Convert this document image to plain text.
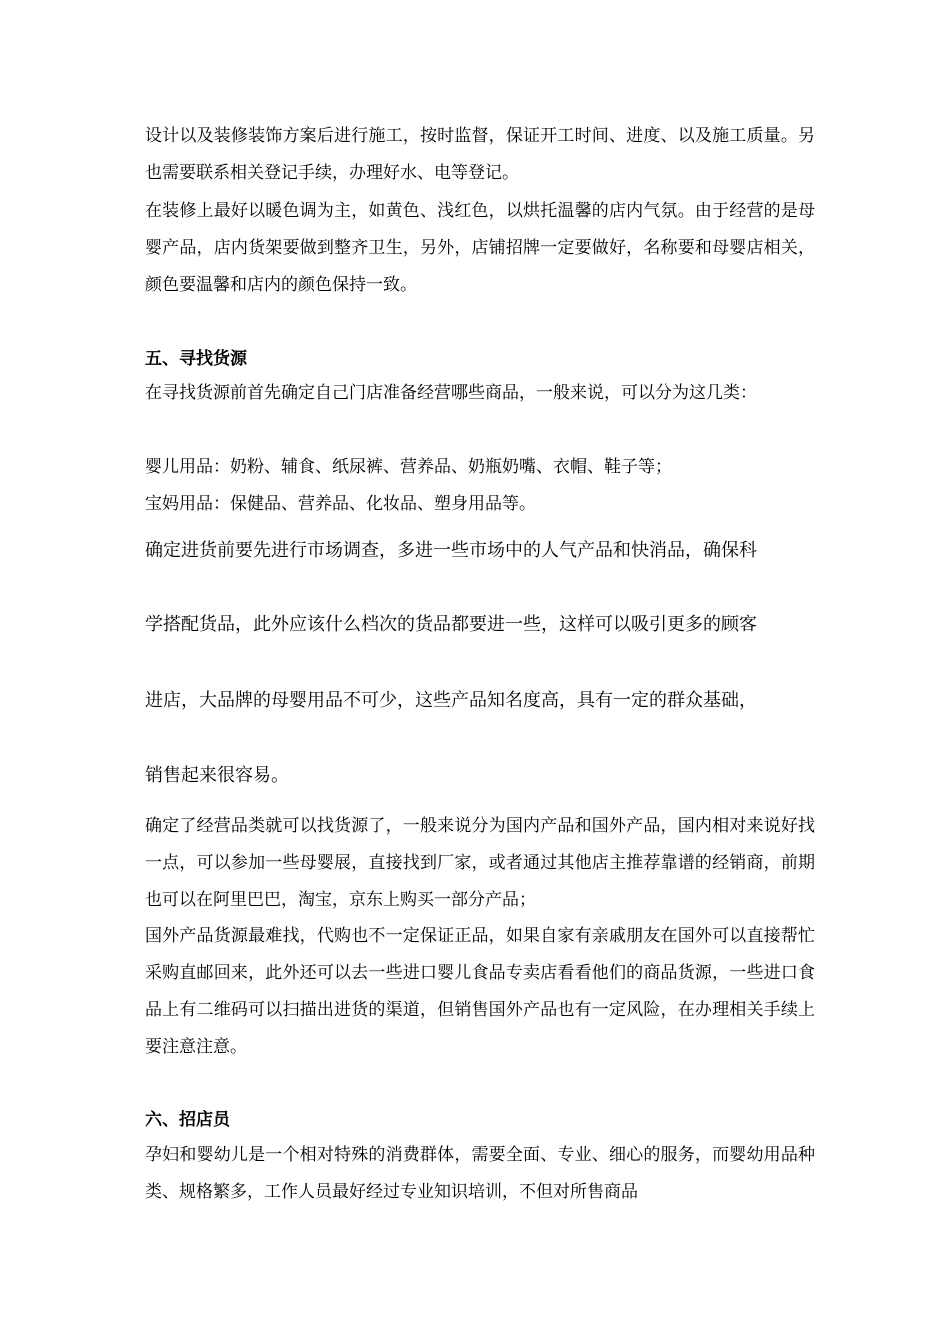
设计以及装修装饰方案后进行施工，按时监督，保证开工时间、进度、以及施工质量。另也需要联系相关登记手续，办理好水、电等登记。

在装修上最好以暖色调为主，如黄色、浅红色，以烘托温馨的店内气氛。由于经营的是母婴产品，店内货架要做到整齐卫生，另外，店铺招牌一定要做好，名称要和母婴店相关，颜色要温馨和店内的颜色保持一致。

五、寻找货源

在寻找货源前首先确定自己门店准备经营哪些商品，一般来说，可以分为这几类：

婴儿用品：奶粉、辅食、纸尿裤、营养品、奶瓶奶嘴、衣帽、鞋子等；

宝妈用品：保健品、营养品、化妆品、塑身用品等。

确定进货前要先进行市场调查，多进一些市场中的人气产品和快消品，确保科

学搭配货品，此外应该什么档次的货品都要进一些，这样可以吸引更多的顾客

进店，大品牌的母婴用品不可少，这些产品知名度高，具有一定的群众基础，

销售起来很容易。

确定了经营品类就可以找货源了，一般来说分为国内产品和国外产品，国内相对来说好找一点，可以参加一些母婴展，直接找到厂家，或者通过其他店主推荐靠谱的经销商，前期也可以在阿里巴巴，淘宝，京东上购买一部分产品；

国外产品货源最难找，代购也不一定保证正品，如果自家有亲戚朋友在国外可以直接帮忙采购直邮回来，此外还可以去一些进口婴儿食品专卖店看看他们的商品货源，一些进口食品上有二维码可以扫描出进货的渠道，但销售国外产品也有一定风险，在办理相关手续上要注意注意。

六、招店员

孕妇和婴幼儿是一个相对特殊的消费群体，需要全面、专业、细心的服务，而婴幼用品种类、规格繁多，工作人员最好经过专业知识培训，不但对所售商品
